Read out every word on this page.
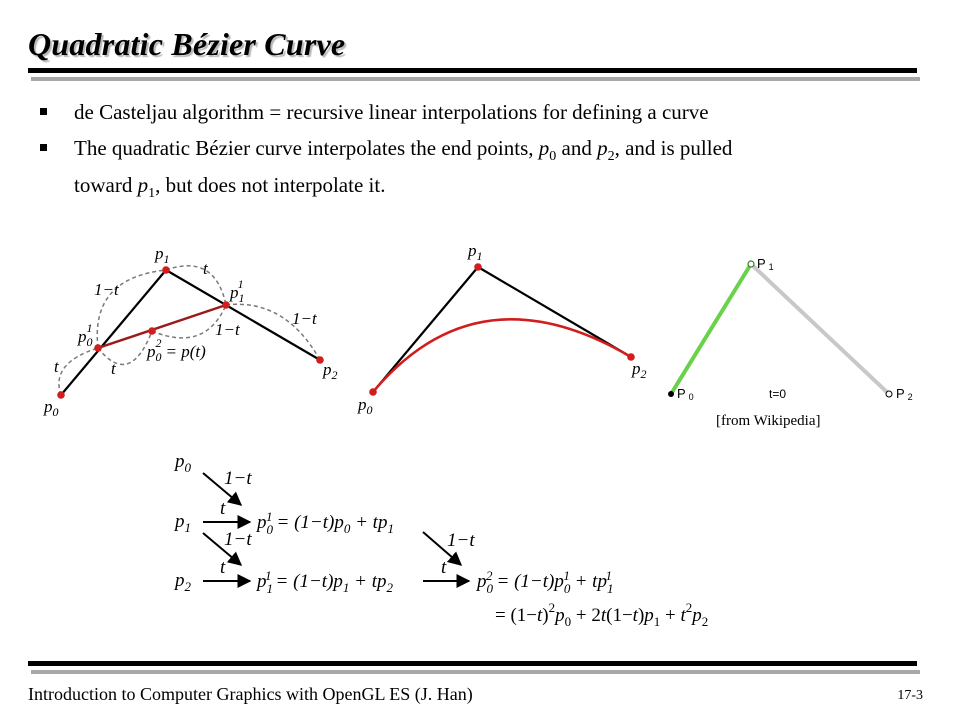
Quadratic Bézier Curve
de Casteljau algorithm = recursive linear interpolations for defining a curve
The quadratic Bézier curve interpolates the end points, $p_0$ and $p_2$, and is pulled
toward $p_1$, but does not interpolate it.
$p_0$
$p_1$
$p_2$
$p_01$
$p_11$
$p_02 = p(t)$
1−t
t
1−t
1−t
t	t
$p_0$
$p_1$
$p_2$
P 1
P 0	P 2
t=0
[from Wikipedia]
$p_0$
$p_1$
$p_2$
1−t
t
1−t
t
$p_01 = (1-t)p_0 + tp_1$
$p_11 = (1-t)p_1 + tp_2$
1−t
t
$p_02 = (1-t)p_01 + tp_11$
= $(1-t)^2p_0 + 2t(1-t)p_1 + t^2p_2$
Introduction to Computer Graphics with OpenGL ES (J. Han)	17-3
